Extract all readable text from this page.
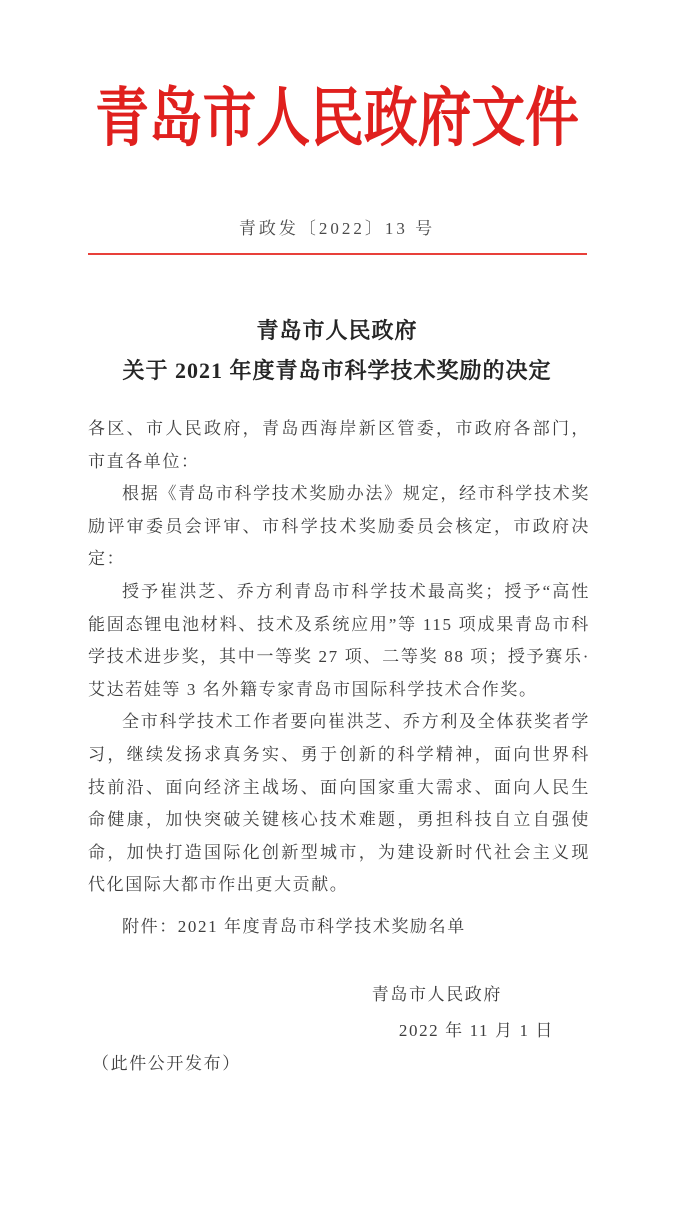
青岛市人民政府文件
青政发〔2022〕13 号
青岛市人民政府
关于 2021 年度青岛市科学技术奖励的决定

各区、市人民政府，青岛西海岸新区管委，市政府各部门，市直各单位：

根据《青岛市科学技术奖励办法》规定，经市科学技术奖励评审委员会评审、市科学技术奖励委员会核定，市政府决定：

授予崔洪芝、乔方利青岛市科学技术最高奖；授予“高性能固态锂电池材料、技术及系统应用”等 115 项成果青岛市科学技术进步奖，其中一等奖 27 项、二等奖 88 项；授予赛乐·艾达若娃等 3 名外籍专家青岛市国际科学技术合作奖。

全市科学技术工作者要向崔洪芝、乔方利及全体获奖者学习，继续发扬求真务实、勇于创新的科学精神，面向世界科技前沿、面向经济主战场、面向国家重大需求、面向人民生命健康，加快突破关键核心技术难题，勇担科技自立自强使命，加快打造国际化创新型城市，为建设新时代社会主义现代化国际大都市作出更大贡献。

附件：2021 年度青岛市科学技术奖励名单
青岛市人民政府
2022 年 11 月 1 日
（此件公开发布）
